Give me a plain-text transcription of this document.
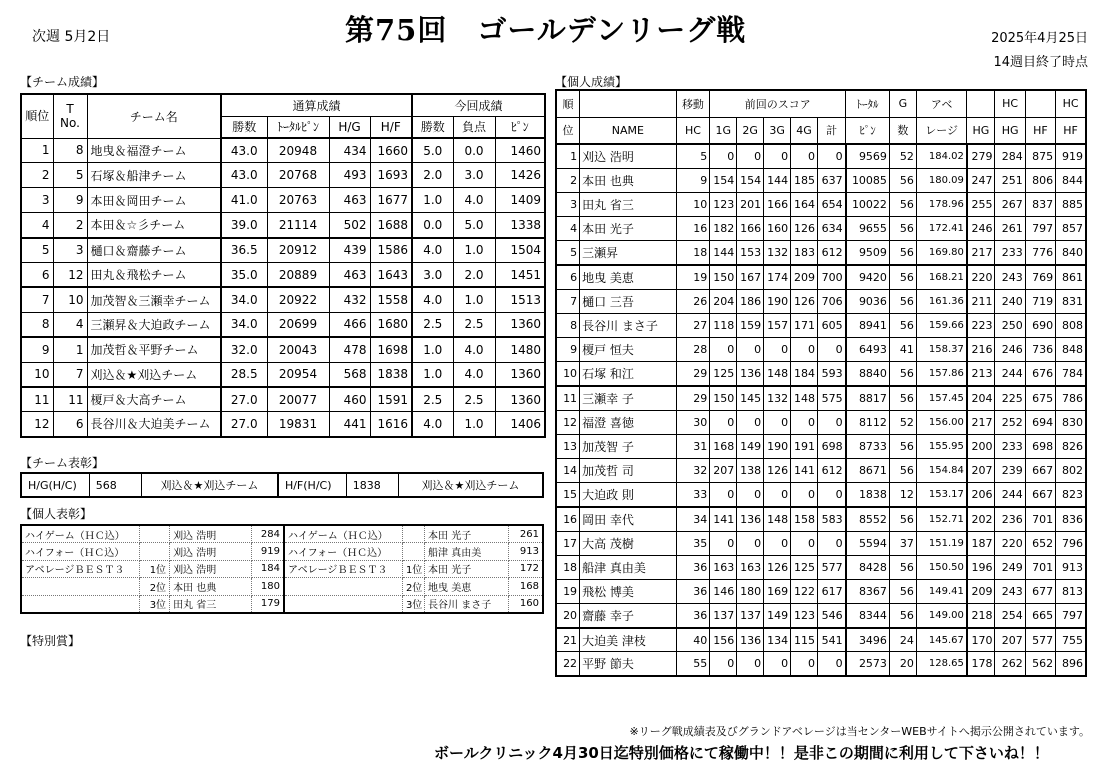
次週 5月2日	第75回　ゴールデンリーグ戦	2025年4月25日
14週目終了時点
【チーム成績】	【個人成績】
【チーム表彰】
【個人表彰】
【特別賞】
順位	T No.	チーム名	通算成績				今回成績		
			勝数	ﾄｰﾀﾙﾋﾟﾝ	H/G	H/F	勝数	負点	ﾋﾟﾝ
1	8	地曳＆福澄チーム	43.0	20948	434	1660	5.0	0.0	1460
2	5	石塚＆船津チーム	43.0	20768	493	1693	2.0	3.0	1426
3	9	本田＆岡田チーム	41.0	20763	463	1677	1.0	4.0	1409
4	2	本田＆☆彡チーム	39.0	21114	502	1688	0.0	5.0	1338
5	3	樋口＆齋藤チーム	36.5	20912	439	1586	4.0	1.0	1504
6	12	田丸＆飛松チーム	35.0	20889	463	1643	3.0	2.0	1451
7	10	加茂智＆三瀬幸チーム	34.0	20922	432	1558	4.0	1.0	1513
8	4	三瀬昇＆大迫政チーム	34.0	20699	466	1680	2.5	2.5	1360
9	1	加茂哲＆平野チーム	32.0	20043	478	1698	1.0	4.0	1480
10	7	刈込＆★刈込チーム	28.5	20954	568	1838	1.0	4.0	1360
11	11	榎戸＆大高チーム	27.0	20077	460	1591	2.5	2.5	1360
12	6	長谷川＆大迫美チーム	27.0	19831	441	1616	4.0	1.0	1406
H/G(H/C)	568	刈込＆★刈込チーム	H/F(H/C)	1838	刈込＆★刈込チーム
ハイゲーム（ＨＣ込）		刈込 浩明	284	ハイゲーム（ＨＣ込）		本田 光子	261
ハイフォー（ＨＣ込）		刈込 浩明	919	ハイフォー（ＨＣ込）		船津 真由美	913
アベレージＢＥＳＴ３	1位	刈込 浩明	184	アベレージＢＥＳＴ３	1位	本田 光子	172
	2位	本田 也典	180		2位	地曳 美恵	168
	3位	田丸 省三	179		3位	長谷川 まさ子	160
順		移動	前回のスコア					ﾄｰﾀﾙ	G	アベ		HC		HC
位	NAME	HC	1G	2G	3G	4G	計	ﾋﾟﾝ	数	レージ	HG	HG	HF	HF
1	刈込 浩明	5	0	0	0	0	0	9569	52	184.02	279	284	875	919
2	本田 也典	9	154	154	144	185	637	10085	56	180.09	247	251	806	844
3	田丸 省三	10	123	201	166	164	654	10022	56	178.96	255	267	837	885
4	本田 光子	16	182	166	160	126	634	9655	56	172.41	246	261	797	857
5	三瀬昇	18	144	153	132	183	612	9509	56	169.80	217	233	776	840
6	地曳 美恵	19	150	167	174	209	700	9420	56	168.21	220	243	769	861
7	樋口 三吾	26	204	186	190	126	706	9036	56	161.36	211	240	719	831
8	長谷川 まさ子	27	118	159	157	171	605	8941	56	159.66	223	250	690	808
9	榎戸 恒夫	28	0	0	0	0	0	6493	41	158.37	216	246	736	848
10	石塚 和江	29	125	136	148	184	593	8840	56	157.86	213	244	676	784
11	三瀬幸 子	29	150	145	132	148	575	8817	56	157.45	204	225	675	786
12	福澄 喜徳	30	0	0	0	0	0	8112	52	156.00	217	252	694	830
13	加茂智 子	31	168	149	190	191	698	8733	56	155.95	200	233	698	826
14	加茂哲 司	32	207	138	126	141	612	8671	56	154.84	207	239	667	802
15	大迫政 則	33	0	0	0	0	0	1838	12	153.17	206	244	667	823
16	岡田 幸代	34	141	136	148	158	583	8552	56	152.71	202	236	701	836
17	大高 茂樹	35	0	0	0	0	0	5594	37	151.19	187	220	652	796
18	船津 真由美	36	163	163	126	125	577	8428	56	150.50	196	249	701	913
19	飛松 博美	36	146	180	169	122	617	8367	56	149.41	209	243	677	813
20	齋藤 幸子	36	137	137	149	123	546	8344	56	149.00	218	254	665	797
21	大迫美 津枝	40	156	136	134	115	541	3496	24	145.67	170	207	577	755
22	平野 節夫	55	0	0	0	0	0	2573	20	128.65	178	262	562	896
※リーグ戦成績表及びグランドアベレージは当センターWEBサイトへ掲示公開されています。
ボールクリニック4月30日迄特別価格にて稼働中！！是非この期間に利用して下さいね！！
